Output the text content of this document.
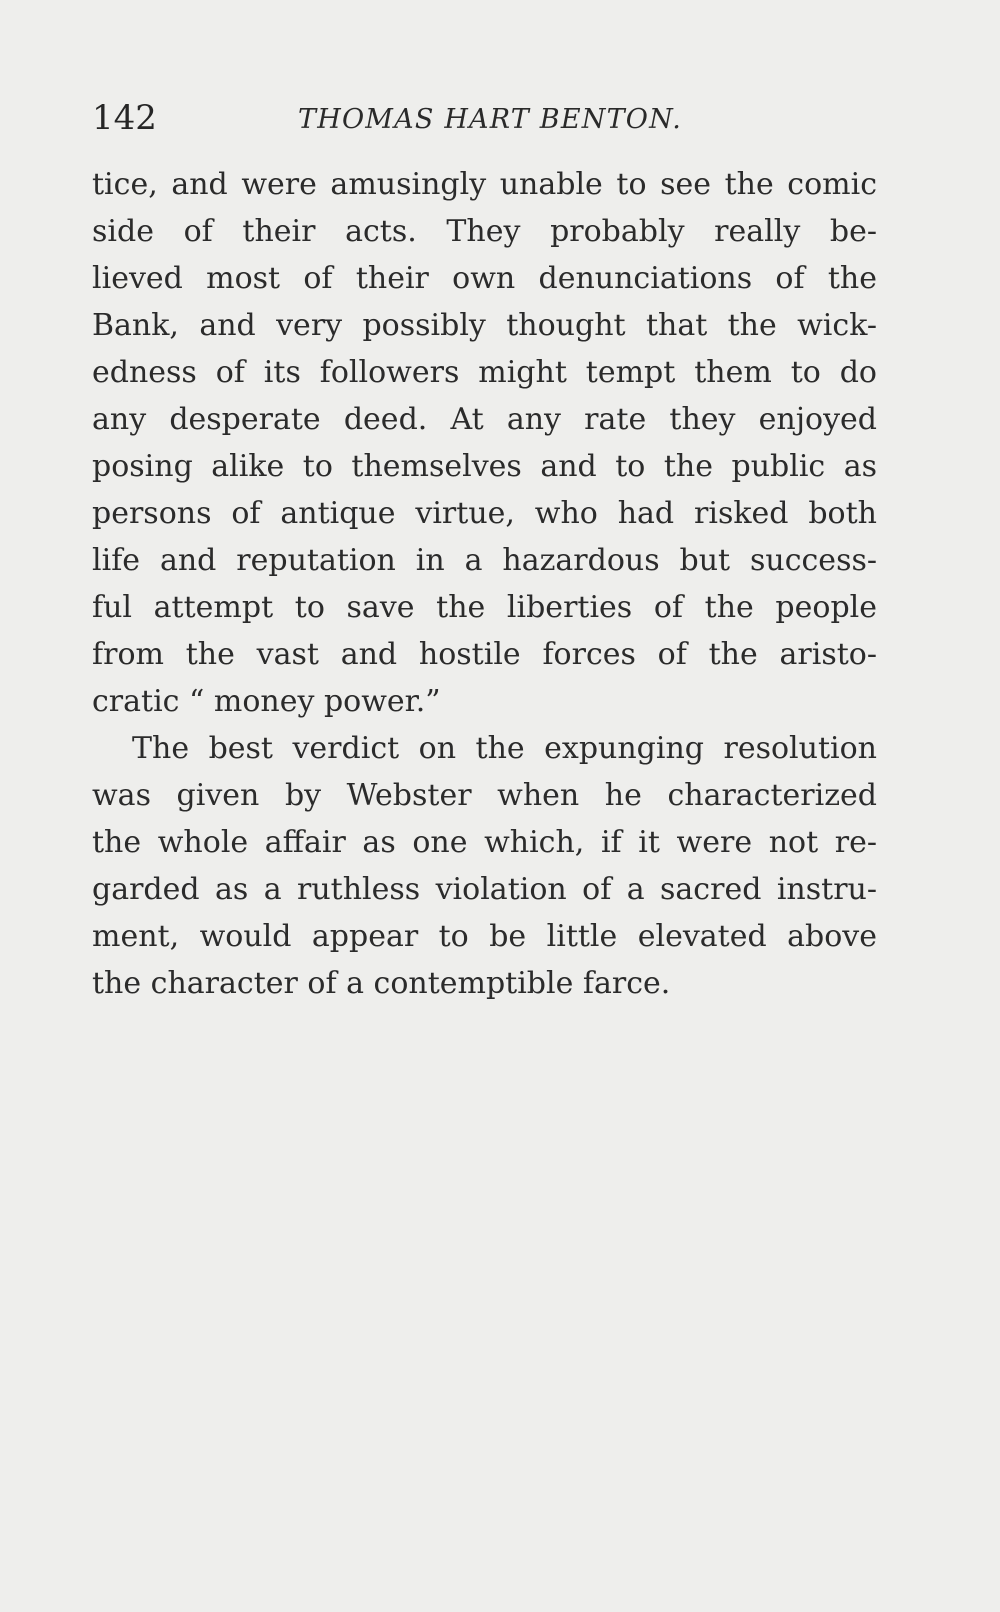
142	THOMAS HART BENTON.
tice, and were amusingly unable to see the comic
side of their acts. They probably really be-
lieved most of their own denunciations of the
Bank, and very possibly thought that the wick-
edness of its followers might tempt them to do
any desperate deed. At any rate they enjoyed
posing alike to themselves and to the public as
persons of antique virtue, who had risked both
life and reputation in a hazardous but success-
ful attempt to save the liberties of the people
from the vast and hostile forces of the aristo-
cratic “ money power.”
The best verdict on the expunging resolution
was given by Webster when he characterized
the whole affair as one which, if it were not re-
garded as a ruthless violation of a sacred instru-
ment, would appear to be little elevated above
the character of a contemptible farce.
